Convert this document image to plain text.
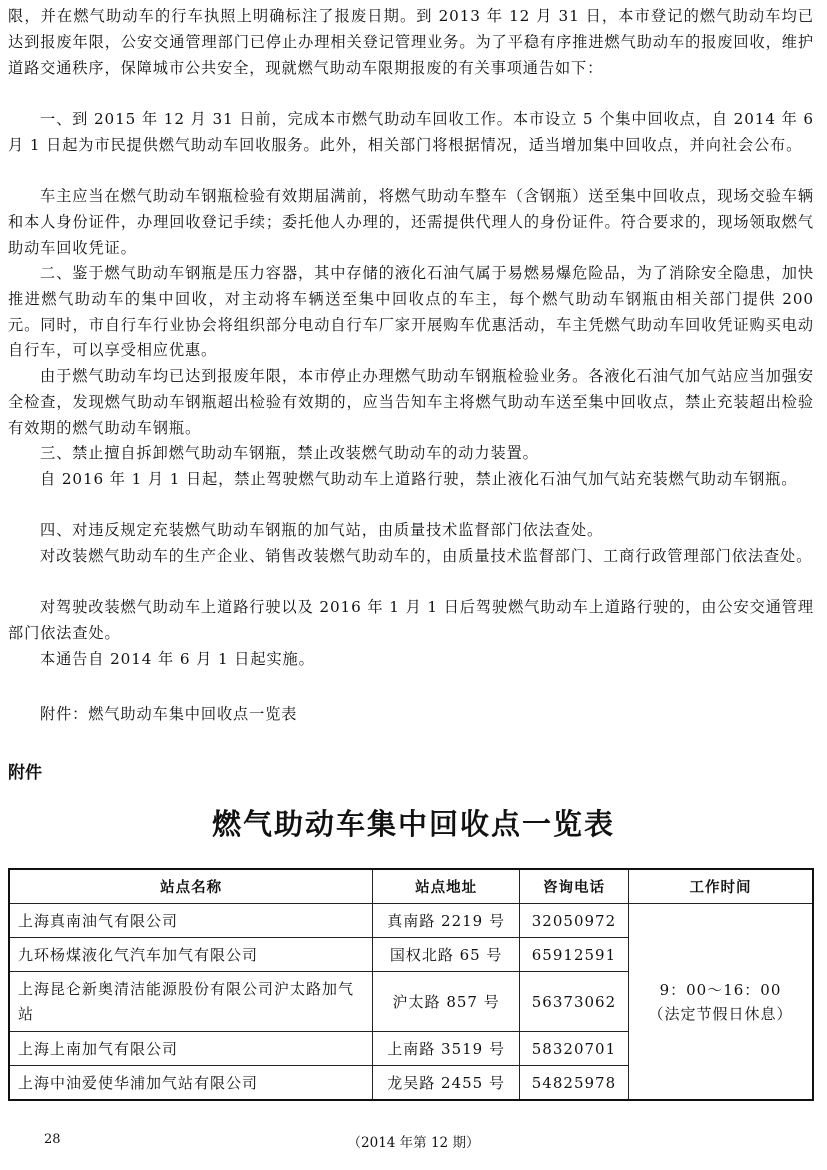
限，并在燃气助动车的行车执照上明确标注了报废日期。到 2013 年 12 月 31 日，本市登记的燃气助动车均已达到报废年限，公安交通管理部门已停止办理相关登记管理业务。为了平稳有序推进燃气助动车的报废回收，维护道路交通秩序，保障城市公共安全，现就燃气助动车限期报废的有关事项通告如下：
一、到 2015 年 12 月 31 日前，完成本市燃气助动车回收工作。本市设立 5 个集中回收点，自 2014 年 6 月 1 日起为市民提供燃气助动车回收服务。此外，相关部门将根据情况，适当增加集中回收点，并向社会公布。
车主应当在燃气助动车钢瓶检验有效期届满前，将燃气助动车整车（含钢瓶）送至集中回收点，现场交验车辆和本人身份证件，办理回收登记手续；委托他人办理的，还需提供代理人的身份证件。符合要求的，现场领取燃气助动车回收凭证。
二、鉴于燃气助动车钢瓶是压力容器，其中存储的液化石油气属于易燃易爆危险品，为了消除安全隐患，加快推进燃气助动车的集中回收，对主动将车辆送至集中回收点的车主，每个燃气助动车钢瓶由相关部门提供 200 元。同时，市自行车行业协会将组织部分电动自行车厂家开展购车优惠活动，车主凭燃气助动车回收凭证购买电动自行车，可以享受相应优惠。
由于燃气助动车均已达到报废年限，本市停止办理燃气助动车钢瓶检验业务。各液化石油气加气站应当加强安全检查，发现燃气助动车钢瓶超出检验有效期的，应当告知车主将燃气助动车送至集中回收点，禁止充装超出检验有效期的燃气助动车钢瓶。
三、禁止擅自拆卸燃气助动车钢瓶，禁止改装燃气助动车的动力装置。
自 2016 年 1 月 1 日起，禁止驾驶燃气助动车上道路行驶，禁止液化石油气加气站充装燃气助动车钢瓶。
四、对违反规定充装燃气助动车钢瓶的加气站，由质量技术监督部门依法查处。
对改装燃气助动车的生产企业、销售改装燃气助动车的，由质量技术监督部门、工商行政管理部门依法查处。
对驾驶改装燃气助动车上道路行驶以及 2016 年 1 月 1 日后驾驶燃气助动车上道路行驶的，由公安交通管理部门依法查处。
本通告自 2014 年 6 月 1 日起实施。
附件：燃气助动车集中回收点一览表
附件
燃气助动车集中回收点一览表
站点名称	站点地址	咨询电话	工作时间
上海真南油气有限公司	真南路 2219 号	32050972	9：00～16：00
（法定节假日休息）

九环杨煤液化气汽车加气有限公司	国权北路 65 号	65912591	
上海昆仑新奥清洁能源股份有限公司沪太路加气站	沪太路 857 号	56373062	
上海上南加气有限公司	上南路 3519 号	58320701	
上海中油爱使华浦加气站有限公司	龙吴路 2455 号	54825978	
28	（2014 年第 12 期）
